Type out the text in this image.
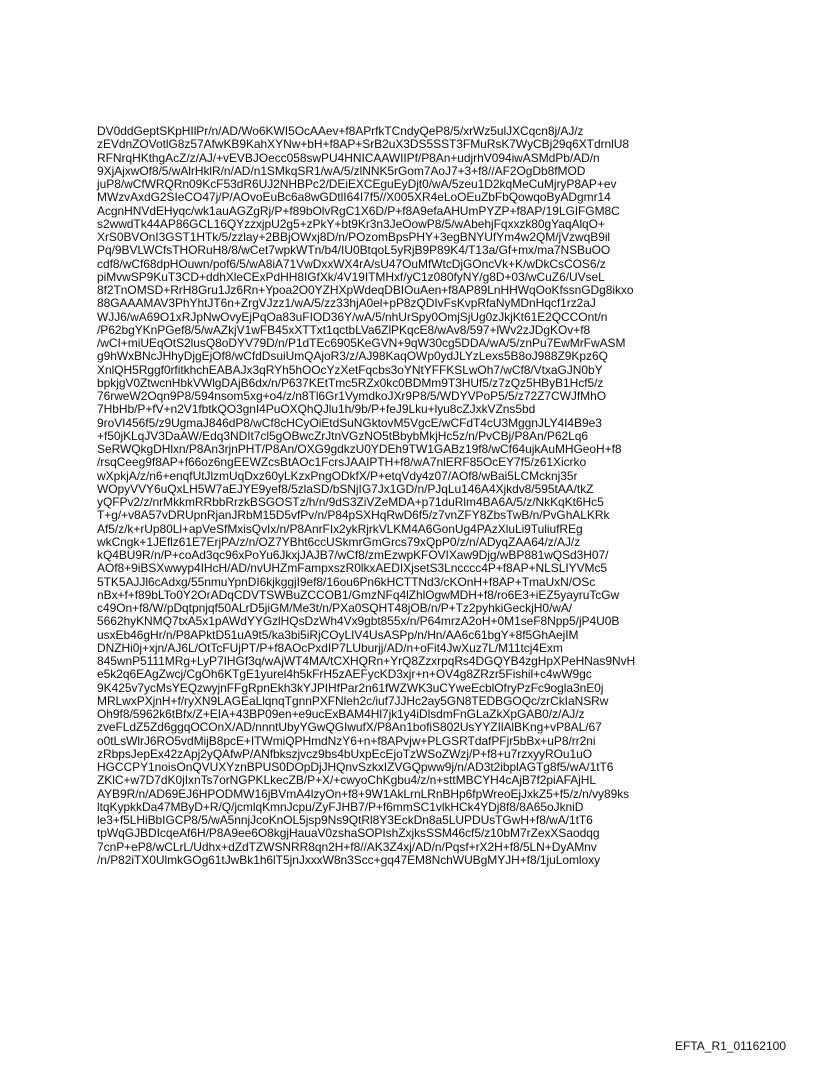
DV0ddGeptSKpHIlPr/n/AD/Wo6KWI5OcAAev+f8APrfkTCndyQeP8/5/xrWz5ulJXCqcn8j/AJ/z
zEVdnZOVotlG8z57AfwKB9KahXYNw+bH+f8AP+SrB2uX3DS5SST3FMuRsK7WyCBj29q6XTdrnlU8
RFNrqHKthgAcZ/z/AJ/+vEVBJOecc058swPU4HNICAAWIIPf/P8An+udjrhV094iwASMdPb/AD/n
9XjAjxwOf8/5/wAlrHklR/n/AD/n1SMkqSR1/wA/5/zlNNK5rGom7AoJ7+3+f8//AF2OgDb8fMOD
juP8/wCfWRQRn09KcF53dR6UJ2NHBPc2/DEiEXCEguEyDjt0/wA/5zeu1D2kqMeCuMjryP8AP+ev
MWzvAxdG2SIeCO47j/P/AOvoEuBc6a8wGDtlI64I7f5//X005XR4eLoOEuZbFbQowqoByADgmr14
AcgnHNVdEHyqc/wk1auAGZgRj/P+f89bOlvRgC1X6D/P+f8A9efaAHUmPYZP+f8AP/19LGIFGM8C
s2wwdTk44AP86GCL16QYzzxjpU2g5+zPkY+bt9Kr3n3JeOowP8/5/wAbehjFqxxzk80gYaqAlqO+
XrS0BVOnI3GST1HTk/5/zzlay+2BBjOWxj8D/n/POzomBpsPHY+3egBNYUfYm4w2QM/jVzwqB9il
Pq/9BVLWCfsTHORuH8/8/wCet7wpkWTn/b4/IU0BtqoL5yRjB9P89K4/T13a/Gf+mx/ma7NSBuOO
cdf8/wCf68dpHOuwn/pof6/5/wA8iA71VwDxxWX4rA/sU47OuMfWtcDjGOncVk+K/wDkCsCOS6/z
piMvwSP9KuT3CD+ddhXleCExPdHH8IGfXk/4V19ITMHxf/yC1z080fyNY/g8D+03/wCuZ6/UVseL
8f2TnOMSD+RrH8Gru1Jz6Rn+Ypoa2O0YZHXpWdeqDBIOuAen+f8AP89LnHHWqOoKfssnGDg8ikxo
88GAAAMAV3PhYhtJT6n+ZrgVJzz1/wA/5/zz33hjA0el+pP8zQDIvFsKvpRfaNyMDnHqcf1rz2aJ
WJJ6/wA69O1xRJpNwOvyEjPqOa83uFIOD36Y/wA/5/nhUrSpy0OmjSjUg0zJkjKt61E2QCCOnt/n
/P62bgYKnPGef8/5/wAZkjV1wFB45xXTTxt1qctbLVa6ZlPKqcE8/wAv8/597+lWv2zJDgKOv+f8
/wCI+miUEqOtS2lusQ8oDYV79D/n/P1dTEc6905KeGVN+9qW30cg5DDA/wA/5/znPu7EwMrFwASM
g9hWxBNcJHhyDjgEjOf8/wCfdDsuiUmQAjoR3/z/AJ98KaqOWp0ydJLYzLexs5B8oJ988Z9Kpz6Q
XnlQH5Rggf0rfitkhchEABAJx3qRYh5hOOcYzXetFqcbs3oYNtYFFKSLwOh7/wCf8/VtxaGJN0bY
bpkjgV0ZtwcnHbkVWlgDAjB6dx/n/P637KEtTmc5RZx0kc0BDMm9T3HUf5/z7zQz5HByB1Hcf5/z
76rweW2Oqn9P8/594nsom5xg+o4/z/n8Tl6Gr1VymdkoJXr9P8/5/WDYVPoP5/5/z72Z7CWJfMhO
7HbHb/P+fV+n2V1fbtkQO3gnI4PuOXQhQJlu1h/9b/P+feJ9Lku+lyu8cZJxkVZns5bd
9roVI456f5/z9UgmaJ846dP8/wCf8cHCyOiEtdSuNGktovM5VgcE/wCFdT4cU3MggnJLY4I4B9e3
+f50jKLqJV3DaAW/Edq3NDIt7cl5gOBwcZrJtnVGzNO5tBbybMkjHc5z/n/PvCBj/P8An/P62Lq6
SeRWQkgDHlxn/P8An3rjnPHT/P8An/OXG9gdkzU0YDEh9TW1GABz19f8/wCf64ujkAuMHGeoH+f8
/rsqCeeg9f8AP+f66oz6ngEEWZcsBtAOc1FcrsJAAIPTH+f8/wA7nlERF85OcEY7f5/z61Xicrko
wXpkjA/z/n6+enqfUtJlzmUqDxz60yLKzxPngODkfX/P+etqVdy4z07/AOf8/wBai5LCMcknj35r
WOpyVVY6uQxLH5W7aEJYE9yef8/5zlaSD/bSNjIG7Jx1GD/n/PJqLu146A4Xjkdv8/595tAA/tkZ
yQFPv2/z/nrMkkmRRbbRrzkBSGOSTz/h/n/9dS3ZiVZeMDA+p71duRlm4BA6A/5/z/NkKqKt6Hc5
T+g/+v8A57vDRUpnRjanJRbM15D5vfPv/n/P84pSXHqRwD6f5/z7vnZFY8ZbsTwB/n/PvGhALKRk
Af5/z/k+rUp80Ll+apVeSfMxisQvIx/n/P8AnrFIx2ykRjrkVLKM4A6GonUg4PAzXluLi9TuliufREg
wkCngk+1JEflz61E7ErjPA/z/n/OZ7YBht6ccUSkmrGmGrcs79xQpP0/z/n/ADyqZAA64/z/AJ/z
kQ4BU9R/n/P+coAd3qc96xPoYu6JkxjJAJB7/wCf8/zmEzwpKFOVIXaw9Djg/wBP881wQSd3H07/
AOf8+9iBSXwwyp4IHcH/AD/nvUHZmFampxszR0lkxAEDIXjsetS3Lncccc4P+f8AP+NLSLIYVMc5
5TK5AJJl6cAdxg/55nmuYpnDI6kjkggjI9ef8/16ou6Pn6kHCTTNd3/cKOnH+f8AP+TmaUxN/OSc
nBx+f+f89bLTo0Y2OrADqCDVTSWBuZCCOB1/GmzNFq4lZhlOgwMDH+f8/ro6E3+iEZ5yayruTcGw
c49On+f8/W/pDqtpnjqf50ALrD5jiGM/Me3t/n/PXa0SQHT48jOB/n/P+Tz2pyhkiGeckjH0/wA/
5662hyKNMQ7txA5x1pAWdYYGzlHQsDzWh4Vx9gbt855x/n/P64mrzA2oH+0M1seF8Npp5/jP4U0B
usxEb46gHr/n/P8APktD51uA9t5/ka3bi5iRjCOyLIV4UsASPp/n/Hn/AA6c61bgY+8f5GhAejIM
DNZHi0j+xjn/AJ6L/OtTcFUjPT/P+f8AOcPxdIP7LUburjj/AD/n+oFit4JwXuz7L/M11tcj4Exm
845wnP5111MRg+LyP7IHGf3q/wAjWT4MA/tCXHQRn+YrQ8ZzxrpqRs4DGQYB4zgHpXPeHNas9NvH
e5k2q6EAgZwcj/CgOh6KTgE1yurel4h5kFrH5zAEFycKD3xjr+n+OV4g8ZRzr5Fishil+c4wW9gc
9K425v7ycMsYEQzwyjnFFgRpnEkh3kYJPIHfPar2n61fWZWK3uCYweEcblOfryPzFc9ogla3nE0j
MRLwxPXjnH+f/ryXN9LAGEaLlqnqTgnnPXFNleh2c/iuf7JJHc2ay5GN8TEDBGOQc/zrCkIaNSRw
Oh9f8/5962k6tBfx/Z+EIA+43BP09en+e9ucExBAM4Hl7jk1y4iDlsdmFnGLaZkXpGAB0/z/AJ/z
zveFLdZ5Zd6ggqOCOnX/AD/nnntUbyYGwQGIwufX/P8An1bofiS802UsYYZIlAlBKng+vP8AL/67
o0tLsWlrJ6RO5vdMijB8pcE+ITWmiQPHmdNzY6+n+f8APvjw+PLGSRTdafPFjr5bBx+uP8/rr2ni
zRbpsJepEx42zApj2yQAfwP/ANfbkszjvcz9bs4bUxpEcEjoTzWSoZWzj/P+f8+u7rzxyyROu1uO
HGCCPY1noisOnQVUXYznBPUS0DOpDjJHQnvSzkxIZVGQpww9j/n/AD3t2ibplAGTg8f5/wA/1tT6
ZKlC+w7D7dK0jIxnTs7orNGPKLkecZB/P+X/+cwyoChKgbu4/z/n+sttMBCYH4cAjB7f2piAFAjHL
AYB9R/n/AD69EJ6HPODMW16jBVmA4lzyOn+f8+9W1AkLrnLRnBHp6fpWreoEjJxkZ5+f5/z/n/vy89ks
ltqKypkkDa47MByD+R/Q/jcmlqKmnJcpu/ZyFJHB7/P+f6mmSC1vlkHCk4YDj8f8/8A65oJkniD
le3+f5LHiBbIGCP8/5/wA5nnjJcoKnOL5jsp9Ns9QtRl8Y3EckDn8a5LUPDUsTGwH+f8/wA/1tT6
tpWqGJBDIcqeAf6H/P8A9ee6O8kgjHauaV0zshaSOPIshZxjksSSM46cf5/z10bM7rZexXSaodqg
7cnP+eP8/wCLrL/Udhx+dZdTZWSNRR8qn2H+f8//AK3Z4xj/AD/n/Pqsf+rX2H+f8/5LN+DyAMnv
/n/P82iTX0UlmkGOg61tJwBk1h6lT5jnJxxxW8n3Scc+gq47EM8NchWUBgMYJH+f8/1juLomloxy
EFTA_R1_01162100
